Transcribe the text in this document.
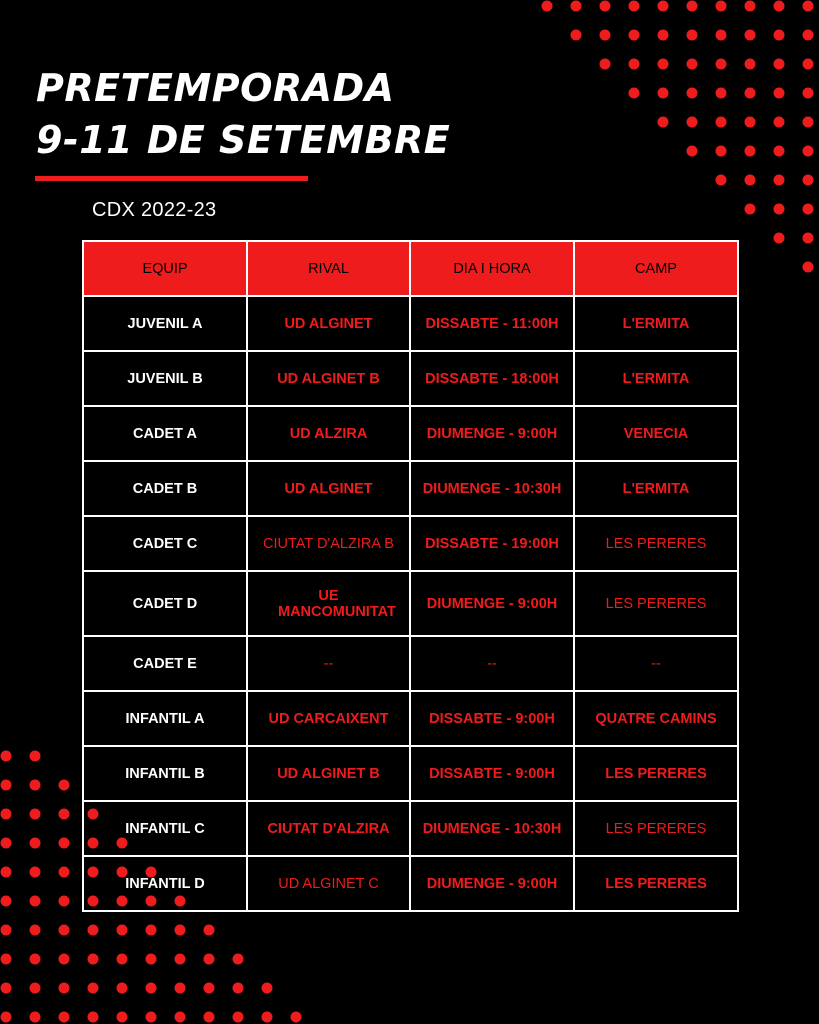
PRETEMPORADA
9-11 DE SETEMBRE
CDX 2022-23
EQUIP	RIVAL	DIA I HORA	CAMP
JUVENIL A	UD ALGINET	DISSABTE - 11:00H	L'ERMITA
JUVENIL B	UD ALGINET B	DISSABTE - 18:00H	L'ERMITA
CADET A	UD ALZIRA	DIUMENGE - 9:00H	VENECIA
CADET B	UD ALGINET	DIUMENGE - 10:30H	L'ERMITA
CADET C	CIUTAT D'ALZIRA B	DISSABTE - 19:00H	LES PERERES
CADET D	UE MANCOMUNITAT	DIUMENGE - 9:00H	LES PERERES
CADET E	--	--	--
INFANTIL A	UD CARCAIXENT	DISSABTE - 9:00H	QUATRE CAMINS
INFANTIL B	UD ALGINET B	DISSABTE - 9:00H	LES PERERES
INFANTIL C	CIUTAT D'ALZIRA	DIUMENGE - 10:30H	LES PERERES
INFANTIL D	UD ALGINET C	DIUMENGE - 9:00H	LES PERERES
